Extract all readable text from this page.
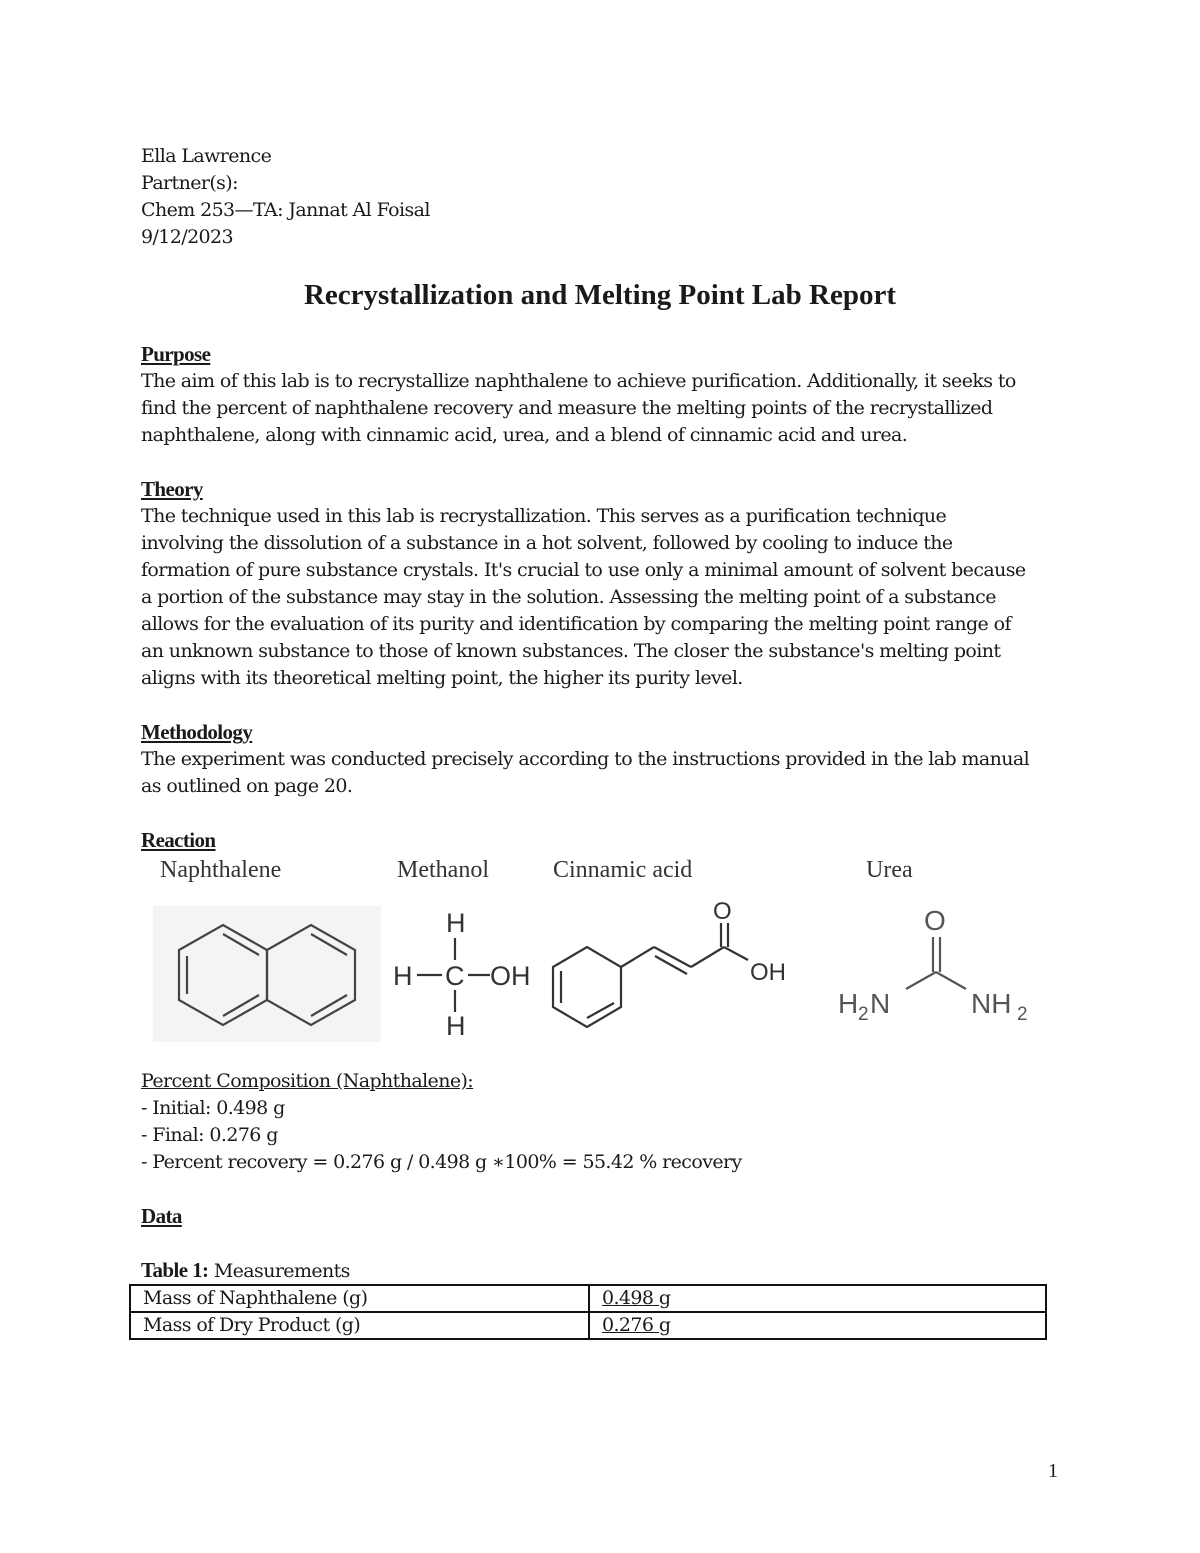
Ella Lawrence
Partner(s):
Chem 253—TA: Jannat Al Foisal
9/12/2023
Recrystallization and Melting Point Lab Report
Purpose
The aim of this lab is to recrystallize naphthalene to achieve purification. Additionally, it seeks to
find the percent of naphthalene recovery and measure the melting points of the recrystallized
naphthalene, along with cinnamic acid, urea, and a blend of cinnamic acid and urea.
Theory
The technique used in this lab is recrystallization. This serves as a purification technique
involving the dissolution of a substance in a hot solvent, followed by cooling to induce the
formation of pure substance crystals. It's crucial to use only a minimal amount of solvent because
a portion of the substance may stay in the solution. Assessing the melting point of a substance
allows for the evaluation of its purity and identification by comparing the melting point range of
an unknown substance to those of known substances. The closer the substance's melting point
aligns with its theoretical melting point, the higher its purity level.
Methodology
The experiment was conducted precisely according to the instructions provided in the lab manual
as outlined on page 20.
Reaction
Naphthalene	Methanol	Cinnamic acid	Urea
H
H C OH
H
O
OH
O
H 2 N	NH 2
Percent Composition (Naphthalene):
- Initial: 0.498 g
- Final: 0.276 g
- Percent recovery = 0.276 g / 0.498 g ∗100% = 55.42 % recovery
Data
Table 1: Measurements
Mass of Naphthalene (g)	0.498 g
Mass of Dry Product (g)	0.276 g
1
